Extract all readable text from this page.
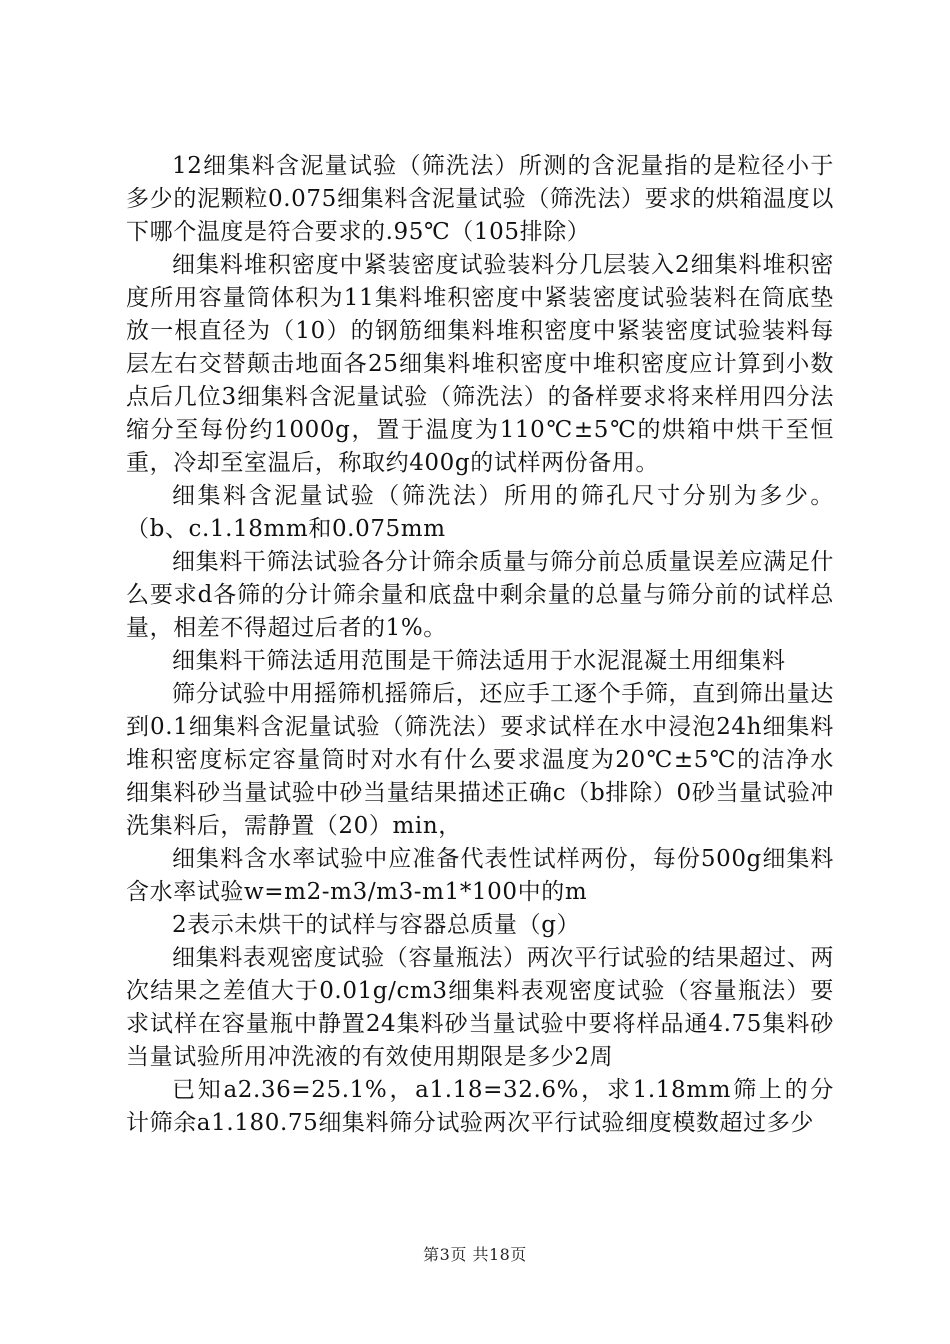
12细集料含泥量试验（筛洗法）所测的含泥量指的是粒径小于多少的泥颗粒0.075细集料含泥量试验（筛洗法）要求的烘箱温度以下哪个温度是符合要求的.95℃（105排除）

细集料堆积密度中紧装密度试验装料分几层装入2细集料堆积密度所用容量筒体积为11集料堆积密度中紧装密度试验装料在筒底垫放一根直径为（10）的钢筋细集料堆积密度中紧装密度试验装料每层左右交替颠击地面各25细集料堆积密度中堆积密度应计算到小数点后几位3细集料含泥量试验（筛洗法）的备样要求将来样用四分法缩分至每份约1000g，置于温度为110℃±5℃的烘箱中烘干至恒重，冷却至室温后，称取约400g的试样两份备用。

细集料含泥量试验（筛洗法）所用的筛孔尺寸分别为多少。（b、c.1.18mm和0.075mm

细集料干筛法试验各分计筛余质量与筛分前总质量误差应满足什么要求d各筛的分计筛余量和底盘中剩余量的总量与筛分前的试样总量，相差不得超过后者的1%。

细集料干筛法适用范围是干筛法适用于水泥混凝土用细集料

筛分试验中用摇筛机摇筛后，还应手工逐个手筛，直到筛出量达到0.1细集料含泥量试验（筛洗法）要求试样在水中浸泡24h细集料堆积密度标定容量筒时对水有什么要求温度为20℃±5℃的洁净水细集料砂当量试验中砂当量结果描述正确c（b排除）0砂当量试验冲洗集料后，需静置（20）min，

细集料含水率试验中应准备代表性试样两份，每份500g细集料含水率试验w=m2-m3/m3-m1*100中的m

2表示未烘干的试样与容器总质量（g）

细集料表观密度试验（容量瓶法）两次平行试验的结果超过、两次结果之差值大于0.01g/cm3细集料表观密度试验（容量瓶法）要求试样在容量瓶中静置24集料砂当量试验中要将样品通4.75集料砂当量试验所用冲洗液的有效使用期限是多少2周

已知a2.36=25.1%，a1.18=32.6%，求1.18mm筛上的分计筛余a1.180.75细集料筛分试验两次平行试验细度模数超过多少

第3页 共18页
